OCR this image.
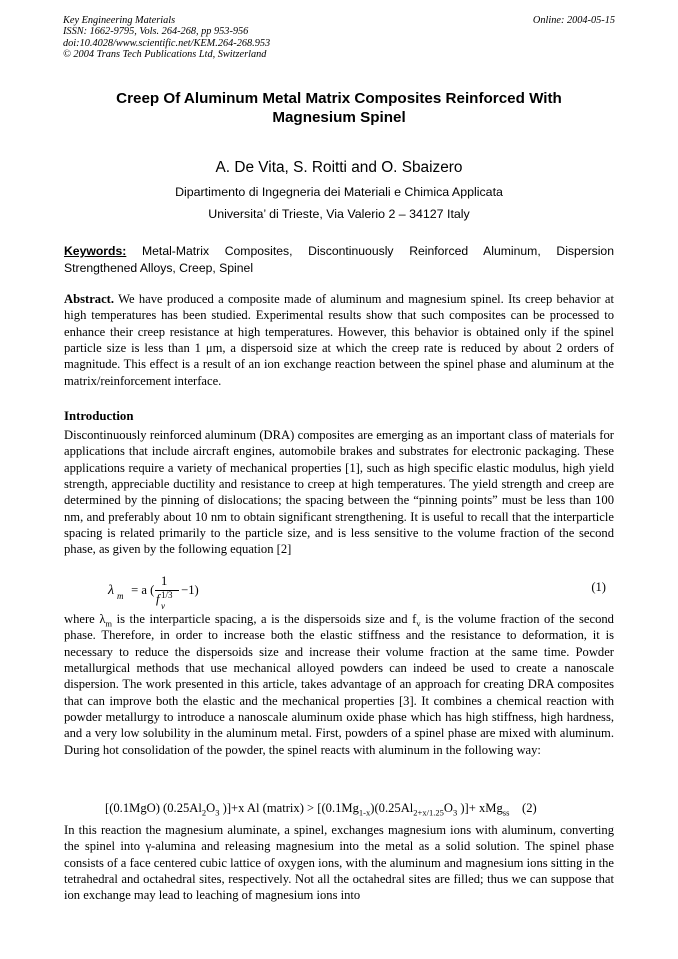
Key Engineering Materials
ISSN: 1662-9795, Vols. 264-268, pp 953-956
doi:10.4028/www.scientific.net/KEM.264-268.953
© 2004 Trans Tech Publications Ltd, Switzerland
Online: 2004-05-15
Creep Of Aluminum Metal Matrix Composites Reinforced With
Magnesium Spinel
A. De Vita, S. Roitti and O. Sbaizero
Dipartimento di Ingegneria dei Materiali e Chimica Applicata
Universita’ di Trieste, Via Valerio 2 – 34127 Italy
Keywords: Metal-Matrix Composites, Discontinuously Reinforced Aluminum, Dispersion Strengthened Alloys, Creep, Spinel
Abstract. We have produced a composite made of aluminum and magnesium spinel. Its creep behavior at high temperatures has been studied. Experimental results show that such composites can be processed to enhance their creep resistance at high temperatures. However, this behavior is obtained only if the spinel particle size is less than 1 μm, a dispersoid size at which the creep rate is reduced by about 2 orders of magnitude. This effect is a result of an ion exchange reaction between the spinel phase and aluminum at the matrix/reinforcement interface.
Introduction
Discontinuously reinforced aluminum (DRA) composites are emerging as an important class of materials for applications that include aircraft engines, automobile brakes and substrates for electronic packaging. These applications require a variety of mechanical properties [1], such as high specific elastic modulus, high yield strength, appreciable ductility and resistance to creep at high temperatures. The yield strength and creep are determined by the pinning of dislocations; the spacing between the “pinning points” must be less than 100 nm, and preferably about 10 nm to obtain significant strengthening. It is useful to recall that the interparticle spacing is related primarily to the particle size, and is less sensitive to the volume fraction of the second phase, as given by the following equation [2]
λ m = a (
1
f 1/3
v
−1)	(1)
where $\lambda_m$ is the interparticle spacing, a is the dispersoids size and $f_v$ is the volume fraction of the second phase. Therefore, in order to increase both the elastic stiffness and the resistance to deformation, it is necessary to reduce the dispersoids size and increase their volume fraction at the same time. Powder metallurgical methods that use mechanical alloyed powders can indeed be used to create a nanoscale dispersion. The work presented in this article, takes advantage of an approach for creating DRA composites that can improve both the elastic and the mechanical properties [3]. It combines a chemical reaction with powder metallurgy to introduce a nanoscale aluminum oxide phase which has high stiffness, high hardness, and a very low solubility in the aluminum metal. First, powders of a spinel phase are mixed with aluminum. During hot consolidation of the powder, the spinel reacts with aluminum in the following way:
[(0.1MgO) ($0.25Al_2O_3$ )]+x Al (matrix) > [$(0.1Mg_{1-x})(0.25Al_{2+x/1.25}O_3$ )]+ xMg$_{ss}$    (2)
In this reaction the magnesium aluminate, a spinel, exchanges magnesium ions with aluminum, converting the spinel into γ-alumina and releasing magnesium into the metal as a solid solution. The spinel phase consists of a face centered cubic lattice of oxygen ions, with the aluminum and magnesium ions sitting in the tetrahedral and octahedral sites, respectively. Not all the octahedral sites are filled; thus we can suppose that ion exchange may lead to leaching of magnesium ions into
